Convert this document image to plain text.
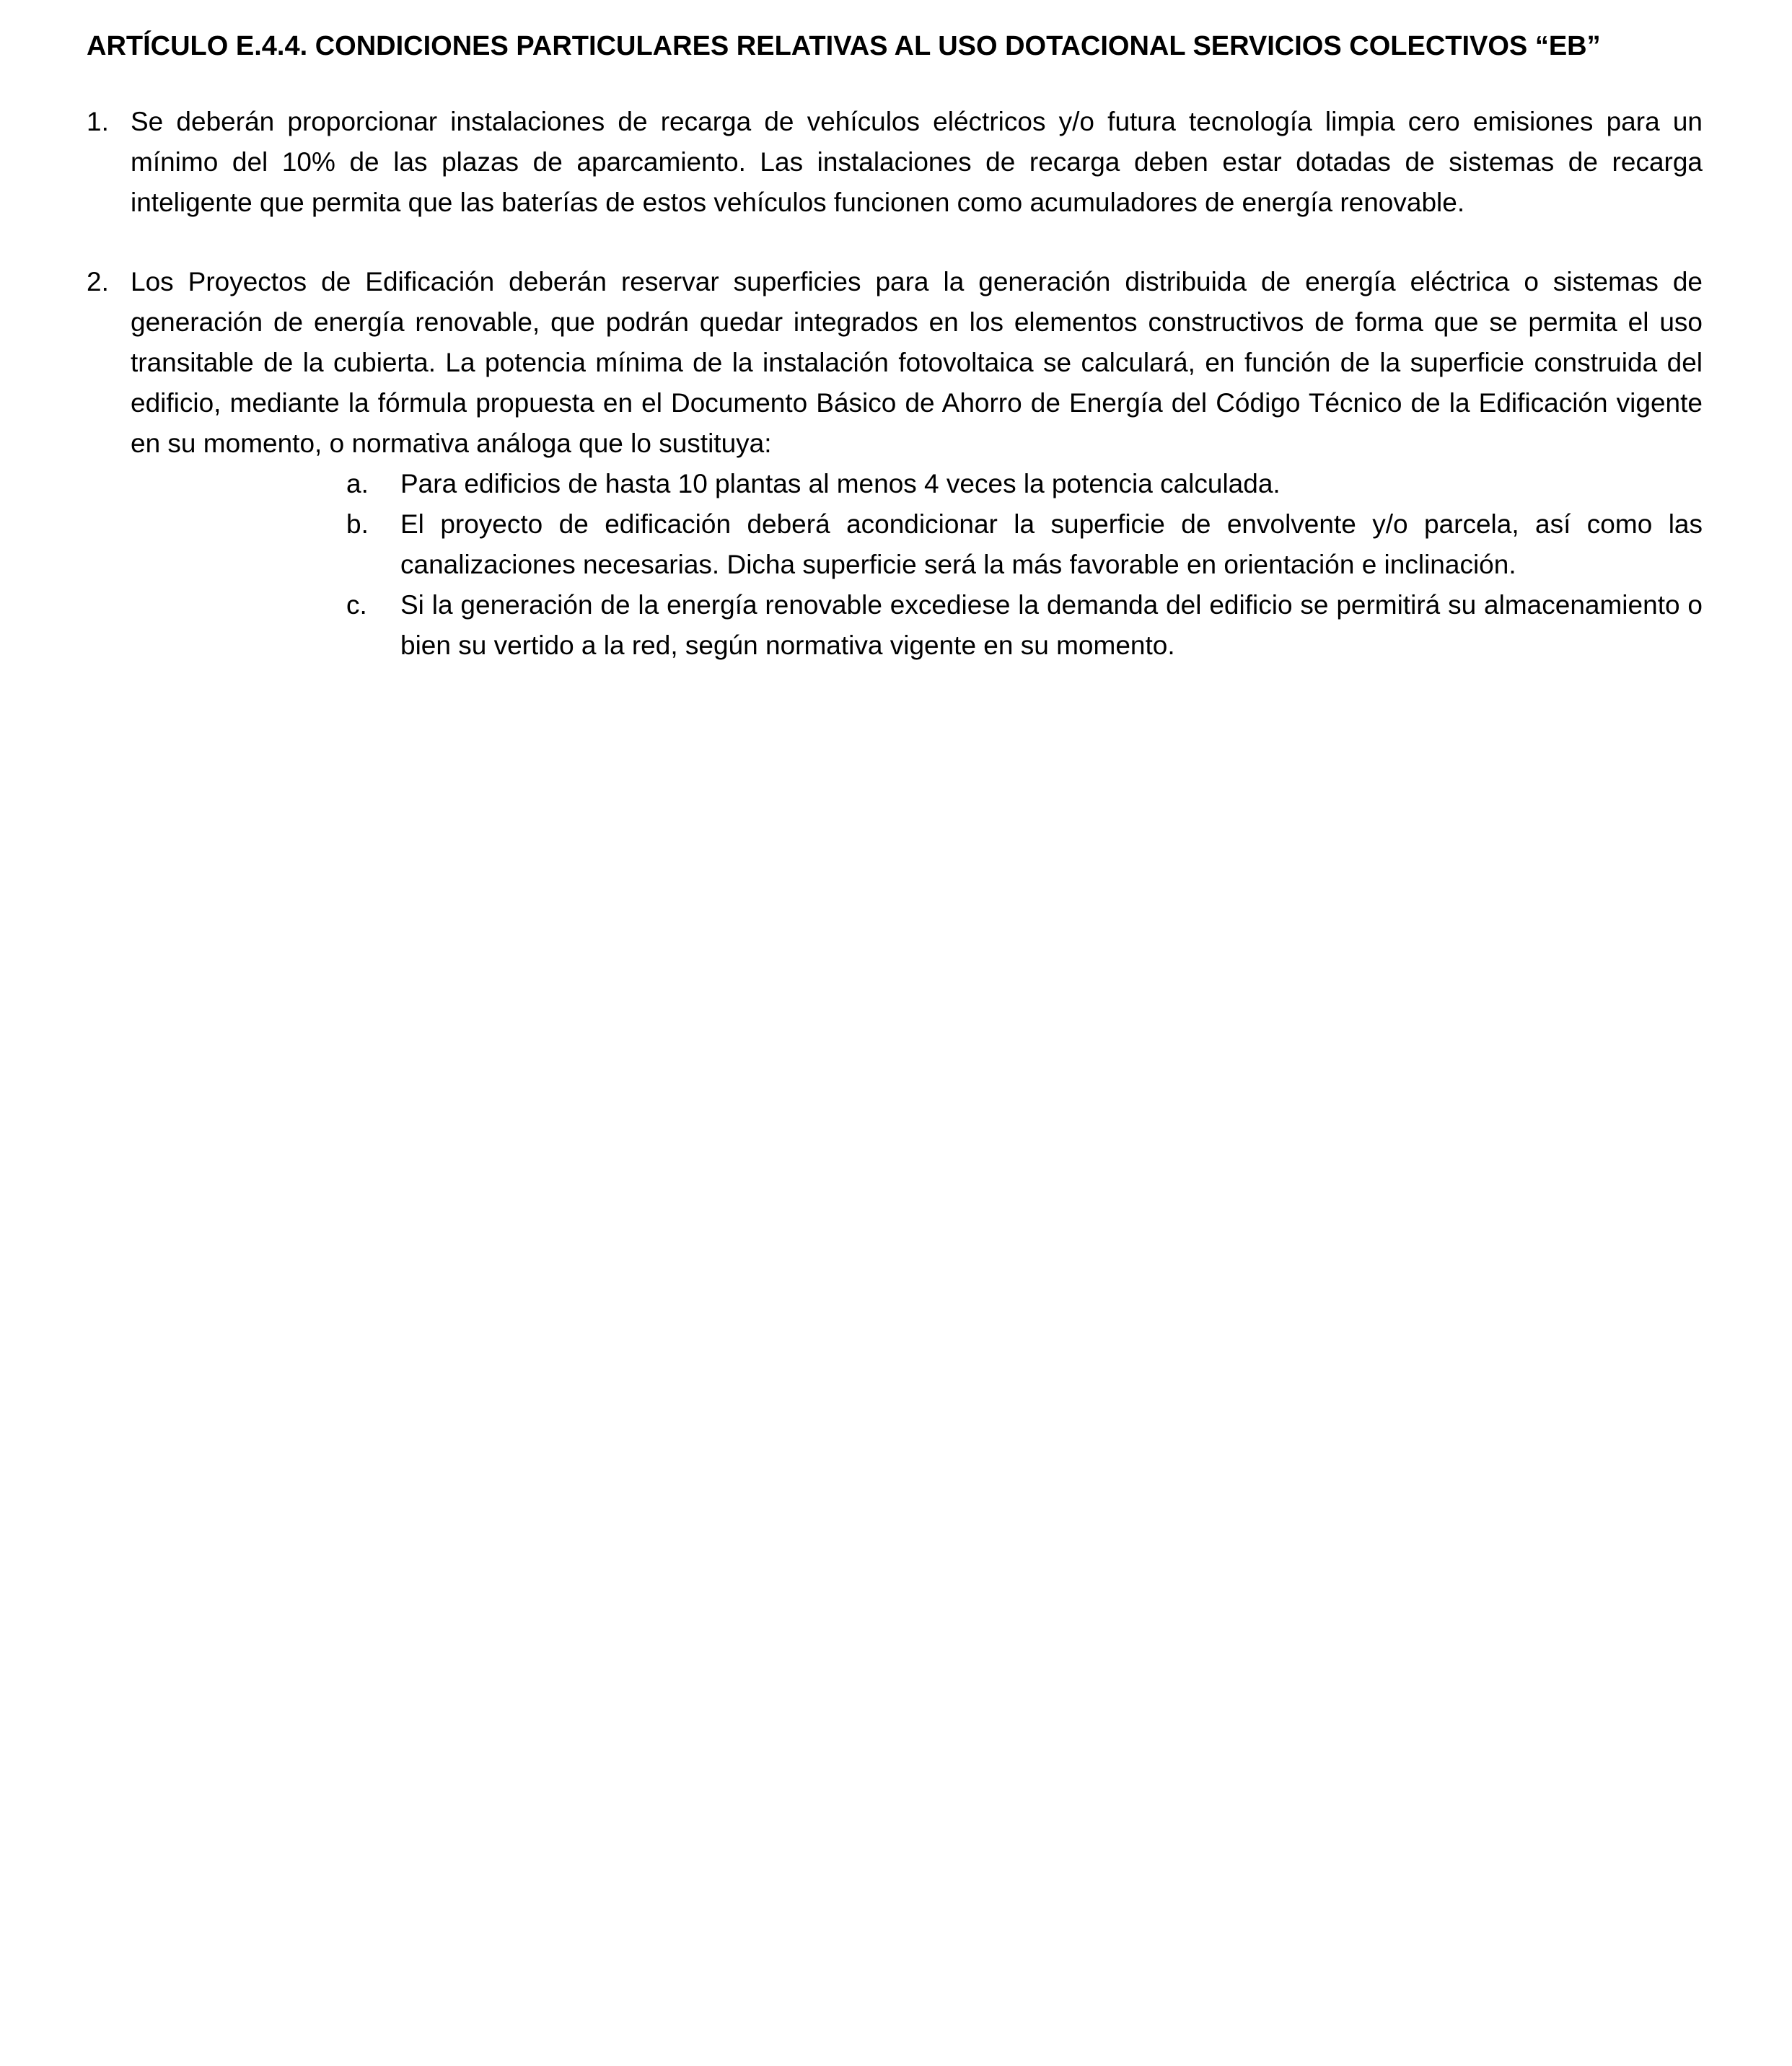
ARTÍCULO E.4.4. CONDICIONES PARTICULARES RELATIVAS AL USO DOTACIONAL SERVICIOS COLECTIVOS “EB”
1. Se deberán proporcionar instalaciones de recarga de vehículos eléctricos y/o futura tecnología limpia cero emisiones para un mínimo del 10% de las plazas de aparcamiento. Las instalaciones de recarga deben estar dotadas de sistemas de recarga inteligente que permita que las baterías de estos vehículos funcionen como acumuladores de energía renovable.
2. Los Proyectos de Edificación deberán reservar superficies para la generación distribuida de energía eléctrica o sistemas de generación de energía renovable, que podrán quedar integrados en los elementos constructivos de forma que se permita el uso transitable de la cubierta. La potencia mínima de la instalación fotovoltaica se calculará, en función de la superficie construida del edificio, mediante la fórmula propuesta en el Documento Básico de Ahorro de Energía del Código Técnico de la Edificación vigente en su momento, o normativa análoga que lo sustituya:
a.	Para edificios de hasta 10 plantas al menos 4 veces la potencia calculada.
b.	El proyecto de edificación deberá acondicionar la superficie de envolvente y/o parcela, así como las canalizaciones necesarias. Dicha superficie será la más favorable en orientación e inclinación.
c.	Si la generación de la energía renovable excediese la demanda del edificio se permitirá su almacenamiento o bien su vertido a la red, según normativa vigente en su momento.
